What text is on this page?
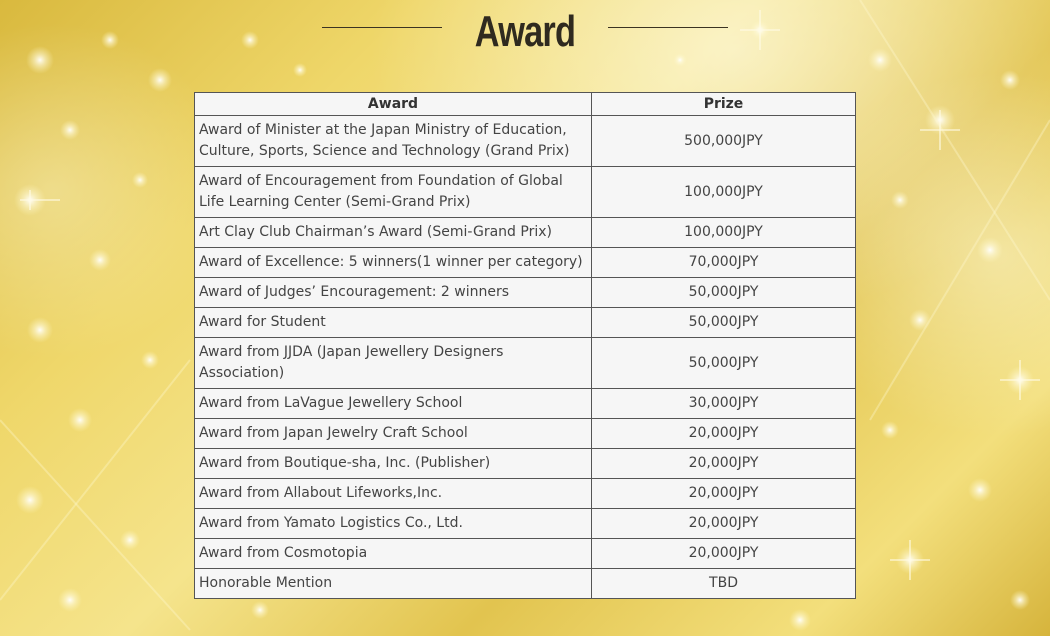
Award
Award	Prize
Award of Minister at the Japan Ministry of Education, Culture, Sports, Science and Technology (Grand Prix)	500,000JPY
Award of Encouragement from Foundation of Global Life Learning Center (Semi-Grand Prix)	100,000JPY
Art Clay Club Chairman’s Award (Semi-Grand Prix)	100,000JPY
Award of Excellence: 5 winners(1 winner per category)	70,000JPY
Award of Judges’ Encouragement: 2 winners	50,000JPY
Award for Student	50,000JPY
Award from JJDA (Japan Jewellery Designers Association)	50,000JPY
Award from LaVague Jewellery School	30,000JPY
Award from Japan Jewelry Craft School	20,000JPY
Award from Boutique-sha, Inc. (Publisher)	20,000JPY
Award from Allabout Lifeworks,Inc.	20,000JPY
Award from Yamato Logistics Co., Ltd.	20,000JPY
Award from Cosmotopia	20,000JPY
Honorable Mention	TBD
